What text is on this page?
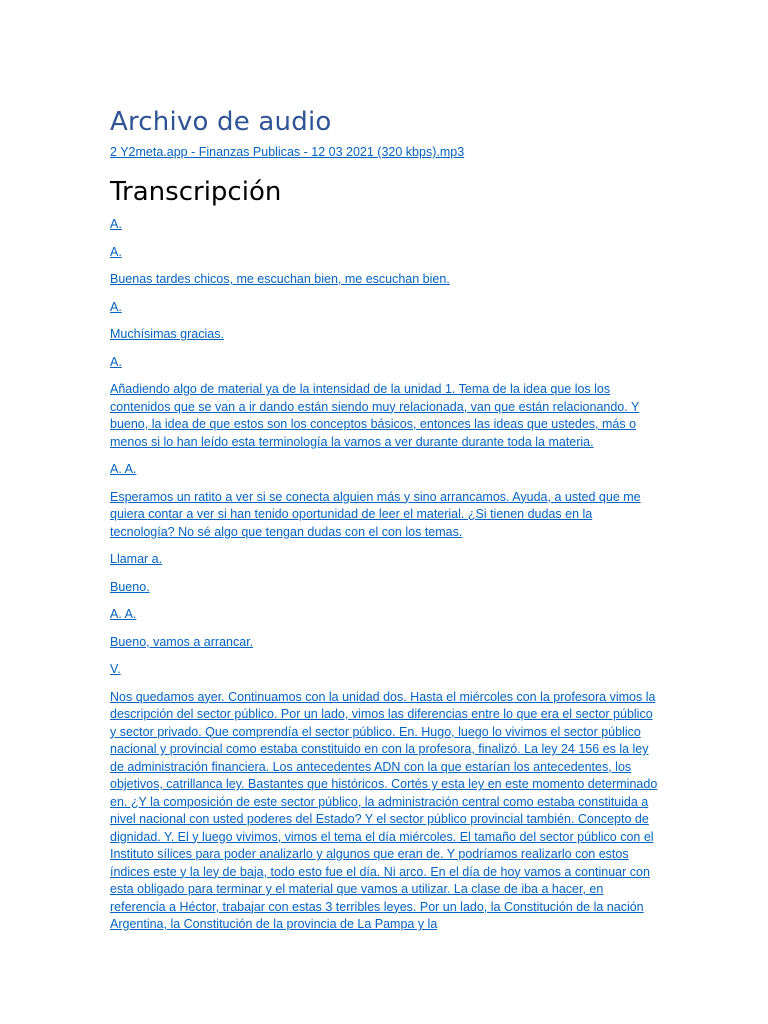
Archivo de audio
2 Y2meta.app - Finanzas Publicas - 12 03 2021 (320 kbps).mp3
Transcripción

A.

A.

Buenas tardes chicos, me escuchan bien, me escuchan bien.

A.

Muchísimas gracias.

A.

Añadiendo algo de material ya de la intensidad de la unidad 1. Tema de la idea que los los contenidos que se van a ir dando están siendo muy relacionada, van que están relacionando. Y bueno, la idea de que estos son los conceptos básicos, entonces las ideas que ustedes, más o menos si lo han leído esta terminología la vamos a ver durante durante toda la materia.

A. A.

Esperamos un ratito a ver si se conecta alguien más y sino arrancamos. Ayuda, a usted que me quiera contar a ver si han tenido oportunidad de leer el material. ¿Si tienen dudas en la tecnología? No sé algo que tengan dudas con el con los temas.

Llamar a.

Bueno.

A. A.

Bueno, vamos a arrancar.

V.

Nos quedamos ayer. Continuamos con la unidad dos. Hasta el miércoles con la profesora vimos la descripción del sector público. Por un lado, vimos las diferencias entre lo que era el sector público y sector privado. Que comprendía el sector público. En. Hugo, luego lo vivimos el sector público nacional y provincial como estaba constituido en con la profesora, finalizó. La ley 24 156 es la ley de administración financiera. Los antecedentes ADN con la que estarían los antecedentes, los objetivos, catrillanca ley. Bastantes que históricos. Cortés y esta ley en este momento determinado en. ¿Y la composición de este sector público, la administración central como estaba constituida a nivel nacional con usted poderes del Estado? Y el sector público provincial también. Concepto de dignidad. Y. El y luego vivimos, vimos el tema el día miércoles. El tamaño del sector público con el Instituto sílices para poder analizarlo y algunos que eran de. Y podríamos realizarlo con estos índices este y la ley de baja, todo esto fue el día. Ni arco. En el día de hoy vamos a continuar con esta obligado para terminar y el material que vamos a utilizar. La clase de iba a hacer, en referencia a Héctor, trabajar con estas 3 terribles leyes. Por un lado, la Constitución de la nación Argentina, la Constitución de la provincia de La Pampa y la
